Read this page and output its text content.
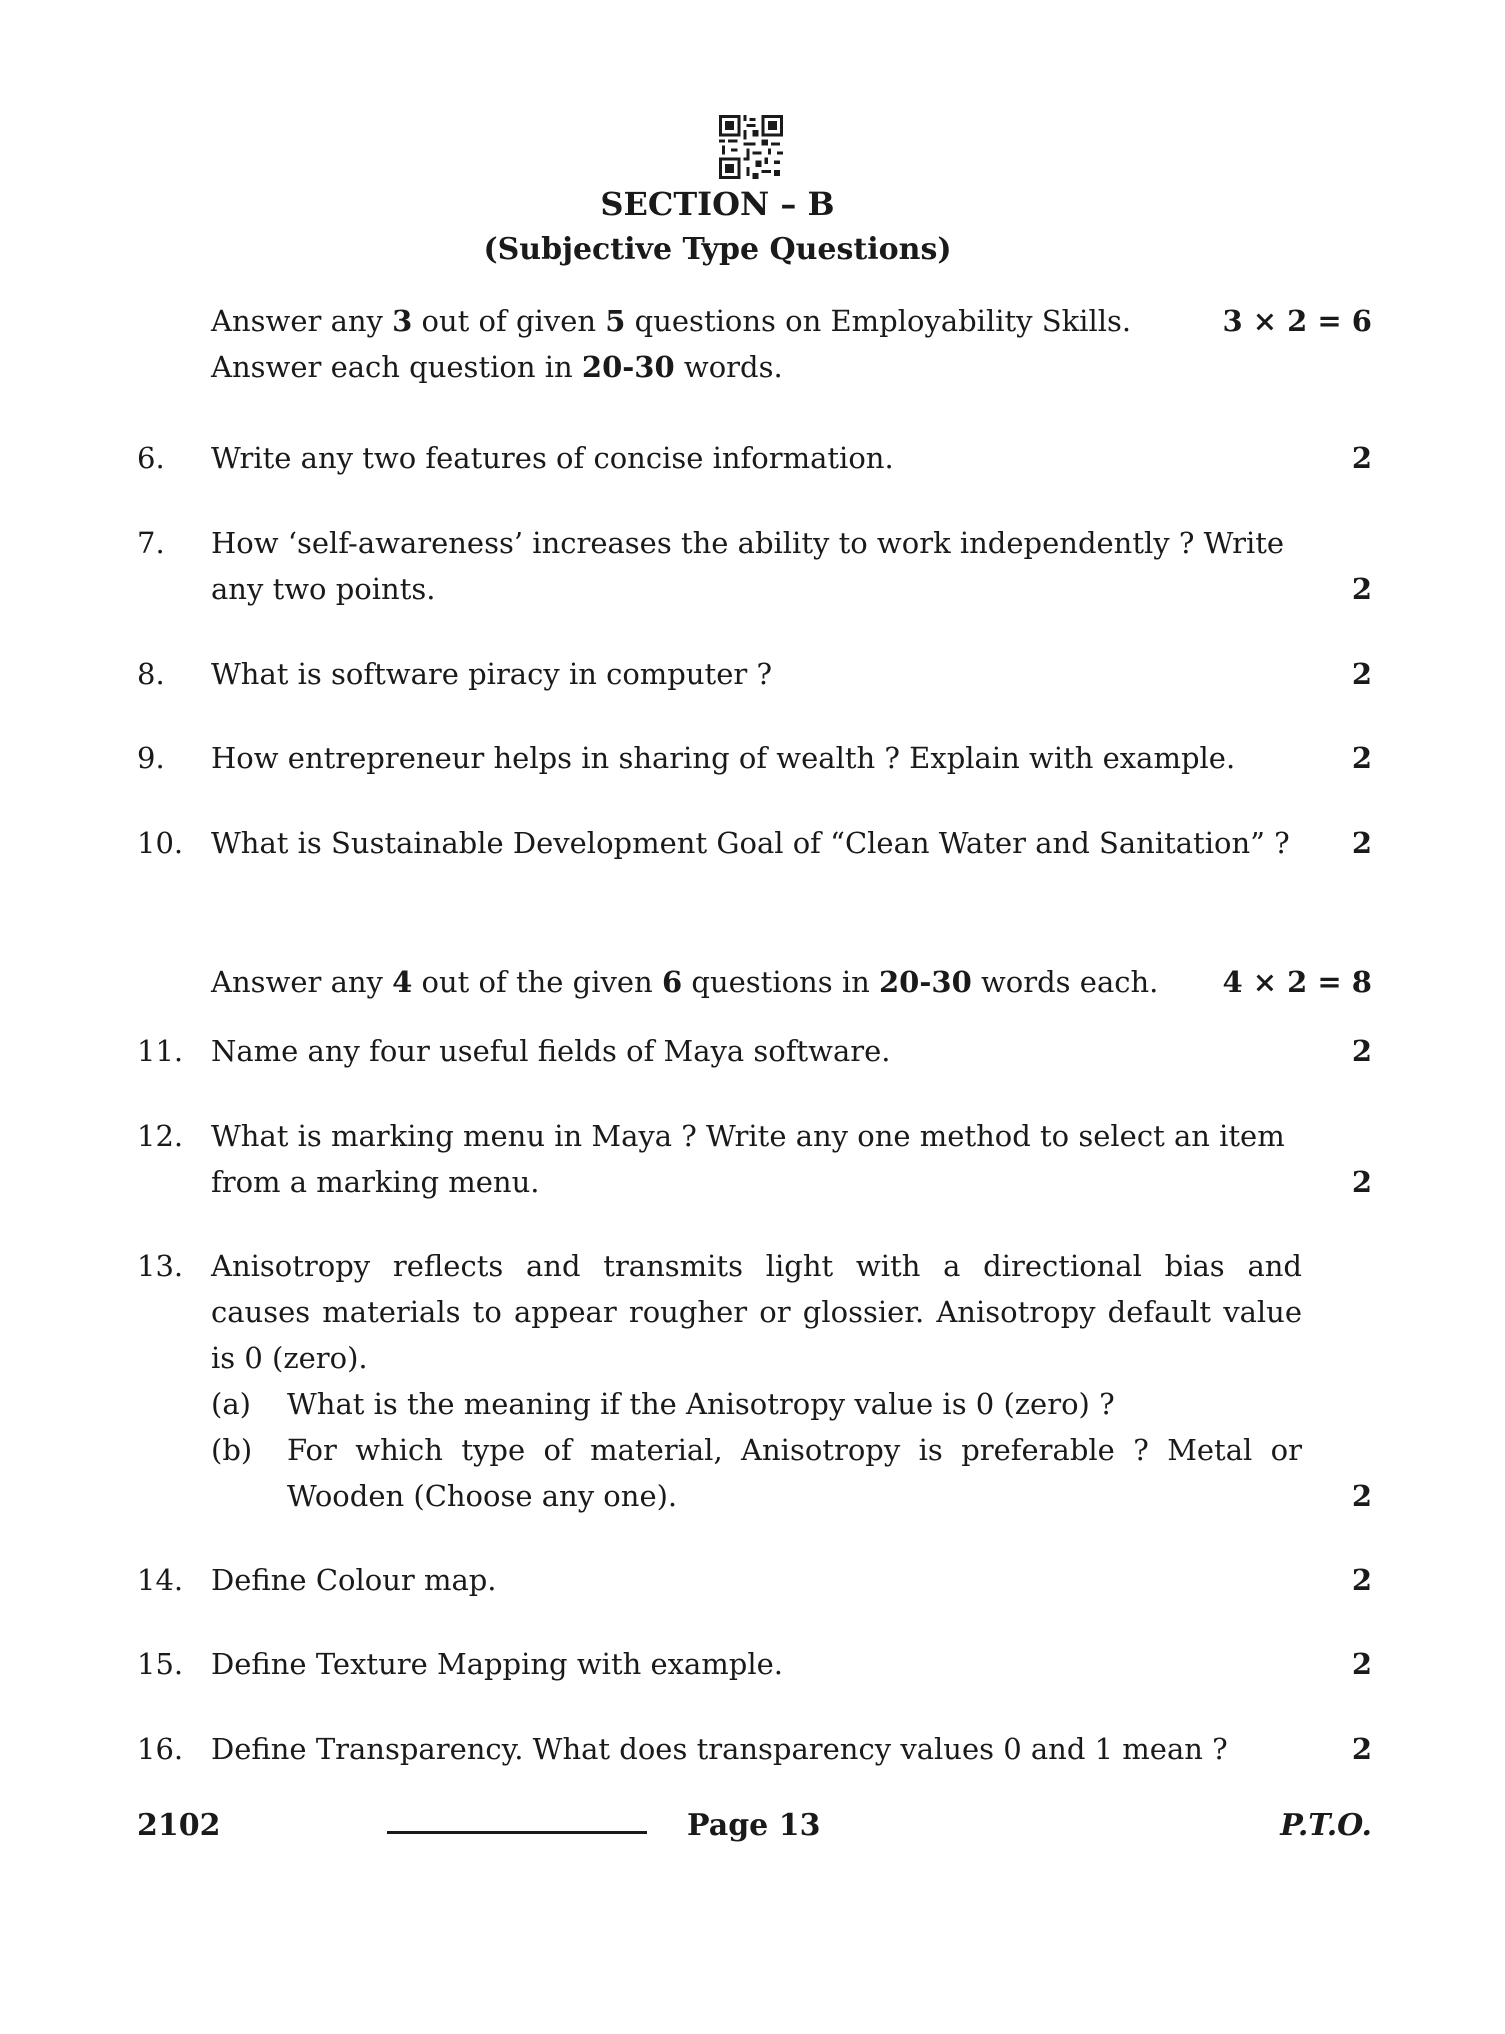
SECTION – B
(Subjective Type Questions)
Answer any 3 out of given 5 questions on Employability Skills.	3 × 2 = 6
Answer each question in 20-30 words.
6.	Write any two features of concise information.	2
7.	How ‘self-awareness’ increases the ability to work independently ? Write
any two points.	2
8.	What is software piracy in computer ?	2
9.	How entrepreneur helps in sharing of wealth ? Explain with example.	2
10. What is Sustainable Development Goal of “Clean Water and Sanitation” ?	2
Answer any 4 out of the given 6 questions in 20-30 words each.	4 × 2 = 8
11. Name any four useful fields of Maya software.	2
12. What is marking menu in Maya ? Write any one method to select an item
from a marking menu.	2
13. Anisotropy reflects and transmits light with a directional bias and
causes materials to appear rougher or glossier. Anisotropy default value
is 0 (zero).
(a)	What is the meaning if the Anisotropy value is 0 (zero) ?
(b)	For which type of material, Anisotropy is preferable ? Metal or
Wooden (Choose any one).	2
14. Define Colour map.	2
15. Define Texture Mapping with example.	2
16. Define Transparency. What does transparency values 0 and 1 mean ?	2
2102	Page 13	P.T.O.
